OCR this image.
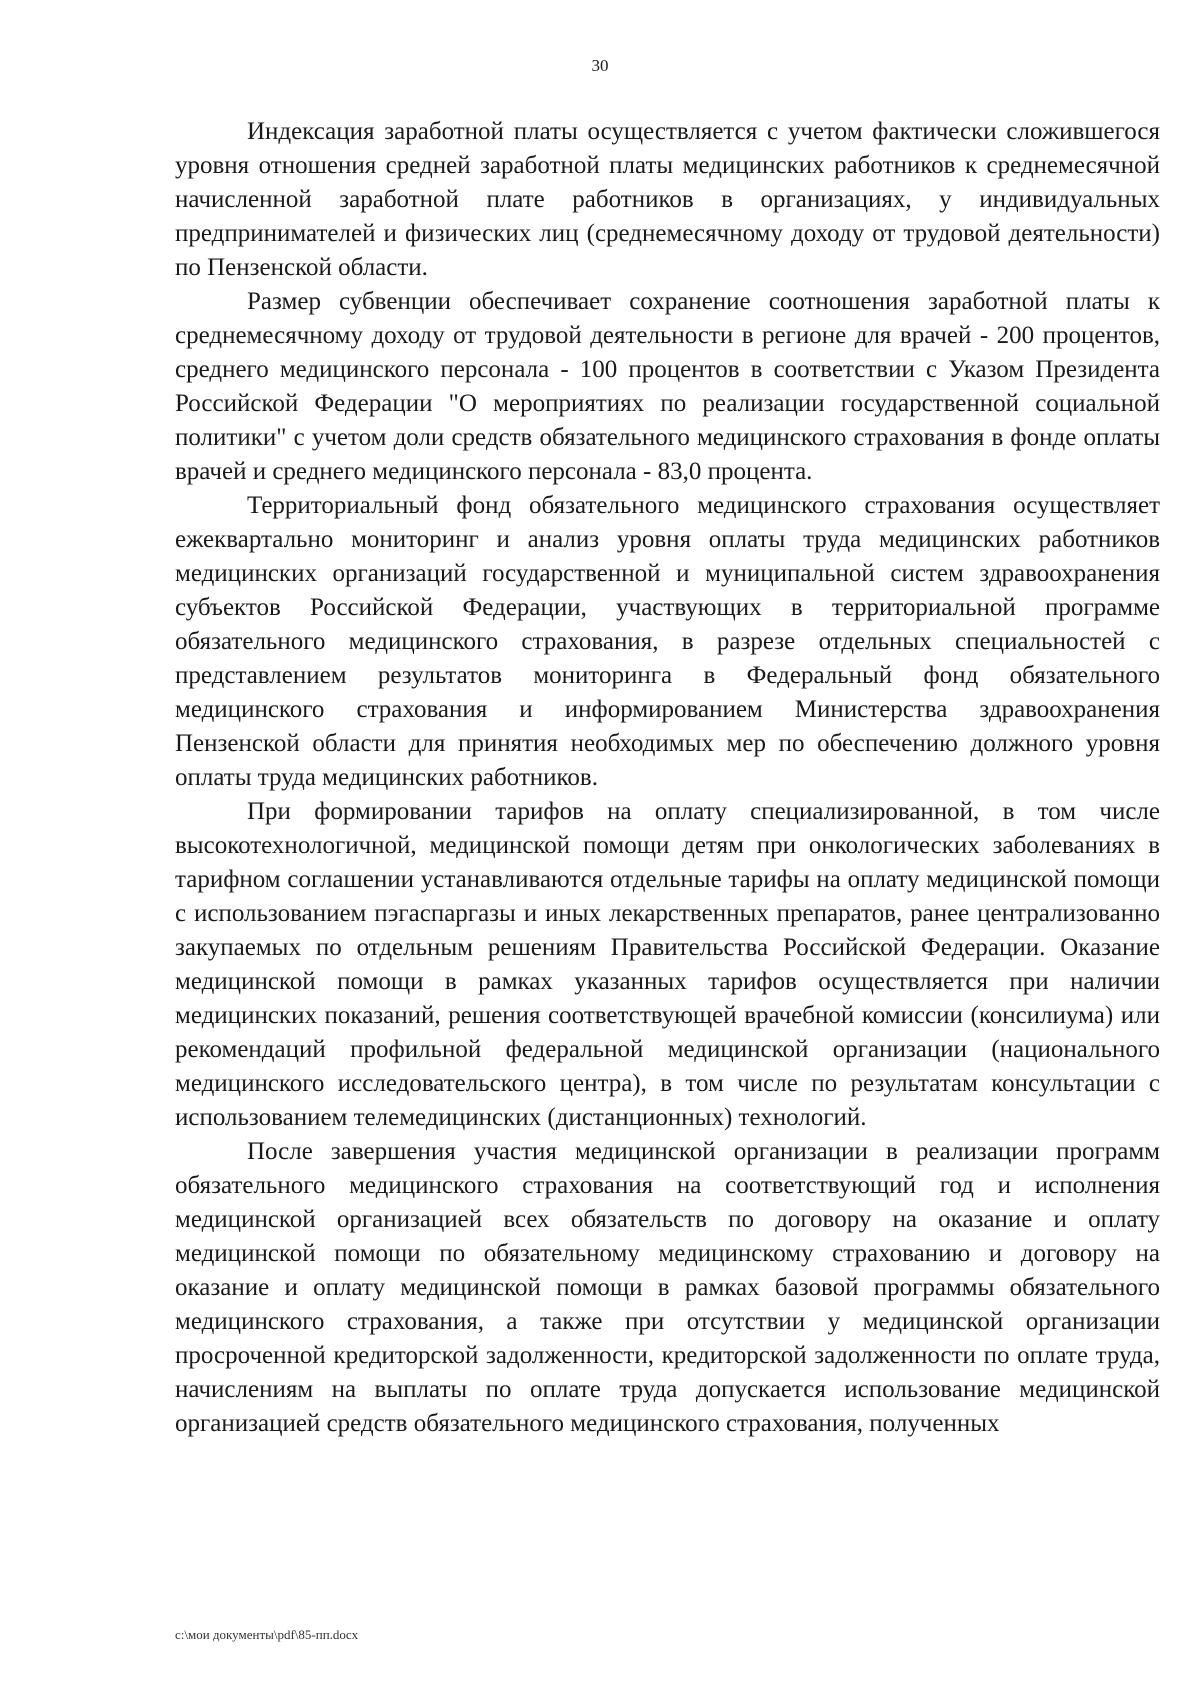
30

Индексация заработной платы осуществляется с учетом фактически сложившегося уровня отношения средней заработной платы медицинских работников к среднемесячной начисленной заработной плате работников в организациях, у индивидуальных предпринимателей и физических лиц (среднемесячному доходу от трудовой деятельности) по Пензенской области.

Размер субвенции обеспечивает сохранение соотношения заработной платы к среднемесячному доходу от трудовой деятельности в регионе для врачей - 200 процентов, среднего медицинского персонала - 100 процентов в соответствии с Указом Президента Российской Федерации "О мероприятиях по реализации государственной социальной политики" с учетом доли средств обязательного медицинского страхования в фонде оплаты врачей и среднего медицинского персонала - 83,0 процента.

Территориальный фонд обязательного медицинского страхования осуществляет ежеквартально мониторинг и анализ уровня оплаты труда медицинских работников медицинских организаций государственной и муниципальной систем здравоохранения субъектов Российской Федерации, участвующих в территориальной программе обязательного медицинского страхования, в разрезе отдельных специальностей с представлением результатов мониторинга в Федеральный фонд обязательного медицинского страхования и информированием Министерства здравоохранения Пензенской области для принятия необходимых мер по обеспечению должного уровня оплаты труда медицинских работников.

При формировании тарифов на оплату специализированной, в том числе высокотехнологичной, медицинской помощи детям при онкологических заболеваниях в тарифном соглашении устанавливаются отдельные тарифы на оплату медицинской помощи с использованием пэгаспаргазы и иных лекарственных препаратов, ранее централизованно закупаемых по отдельным решениям Правительства Российской Федерации. Оказание медицинской помощи в рамках указанных тарифов осуществляется при наличии медицинских показаний, решения соответствующей врачебной комиссии (консилиума) или рекомендаций профильной федеральной медицинской организации (национального медицинского исследовательского центра), в том числе по результатам консультации с использованием телемедицинских (дистанционных) технологий.

После завершения участия медицинской организации в реализации программ обязательного медицинского страхования на соответствующий год и исполнения медицинской организацией всех обязательств по договору на оказание и оплату медицинской помощи по обязательному медицинскому страхованию и договору на оказание и оплату медицинской помощи в рамках базовой программы обязательного медицинского страхования, а также при отсутствии у медицинской организации просроченной кредиторской задолженности, кредиторской задолженности по оплате труда, начислениям на выплаты по оплате труда допускается использование медицинской организацией средств обязательного медицинского страхования, полученных

c:\мои документы\pdf\85-пп.docx
